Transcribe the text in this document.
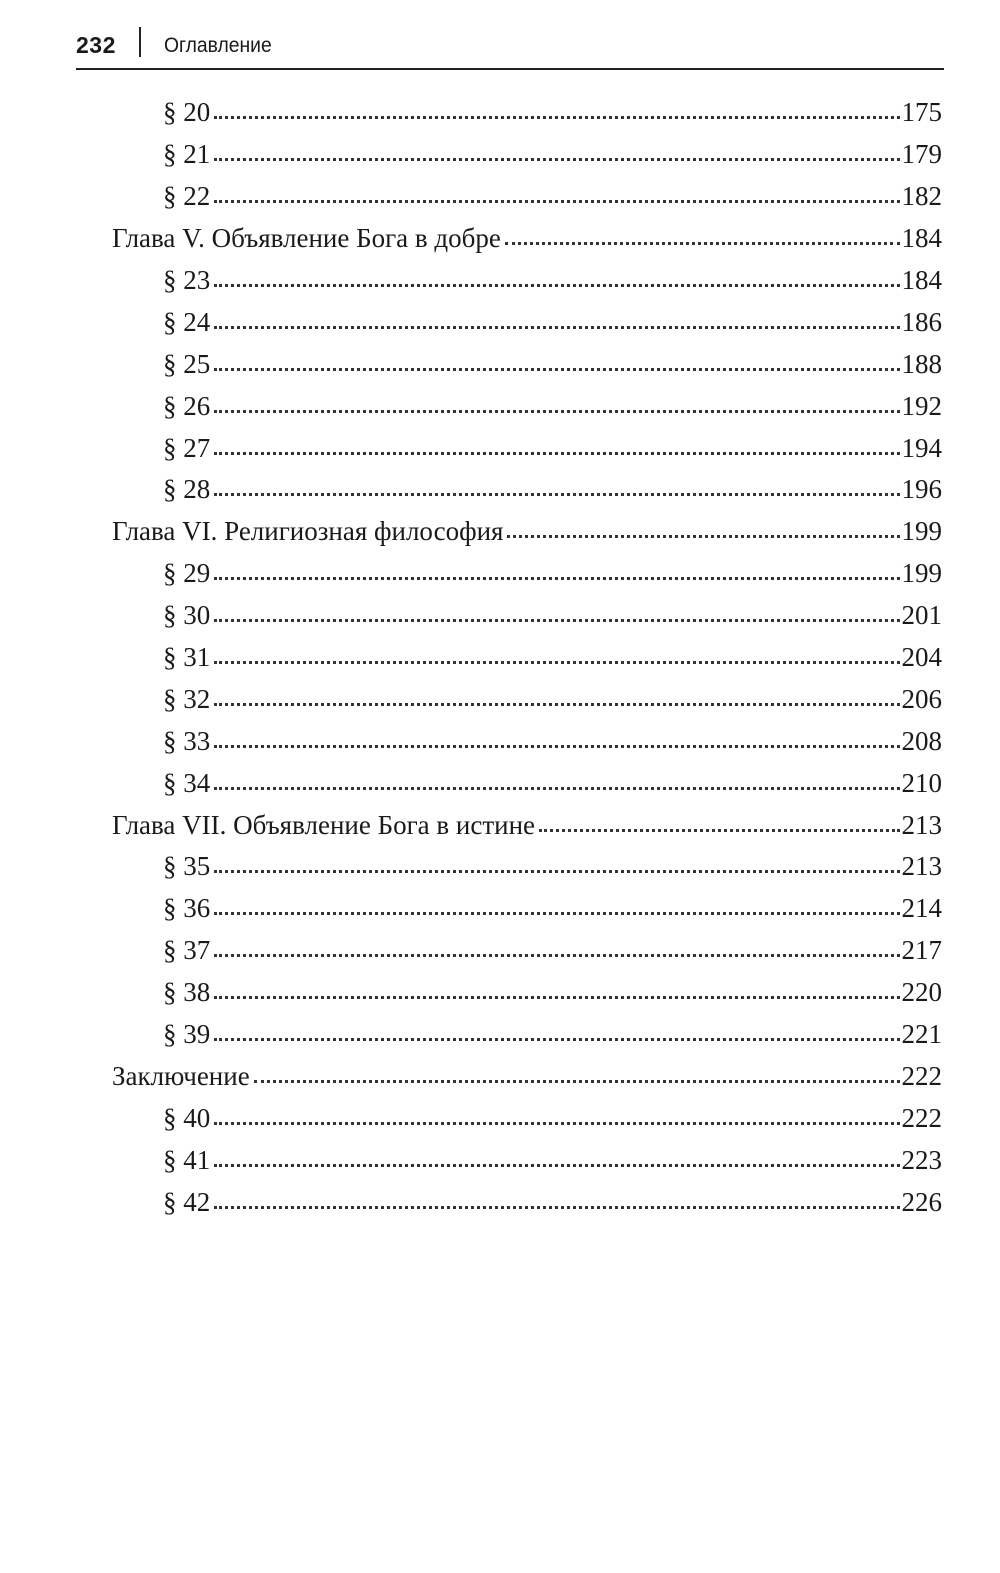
232 Оглавление
§ 20	175
§ 21	179
§ 22	182
Глава V. Объявление Бога в добре	184
§ 23	184
§ 24	186
§ 25	188
§ 26	192
§ 27	194
§ 28	196
Глава VI. Религиозная философия	199
§ 29	199
§ 30	201
§ 31	204
§ 32	206
§ 33	208
§ 34	210
Глава VII. Объявление Бога в истине	213
§ 35	213
§ 36	214
§ 37	217
§ 38	220
§ 39	221
Заключение	222
§ 40	222
§ 41	223
§ 42	226
